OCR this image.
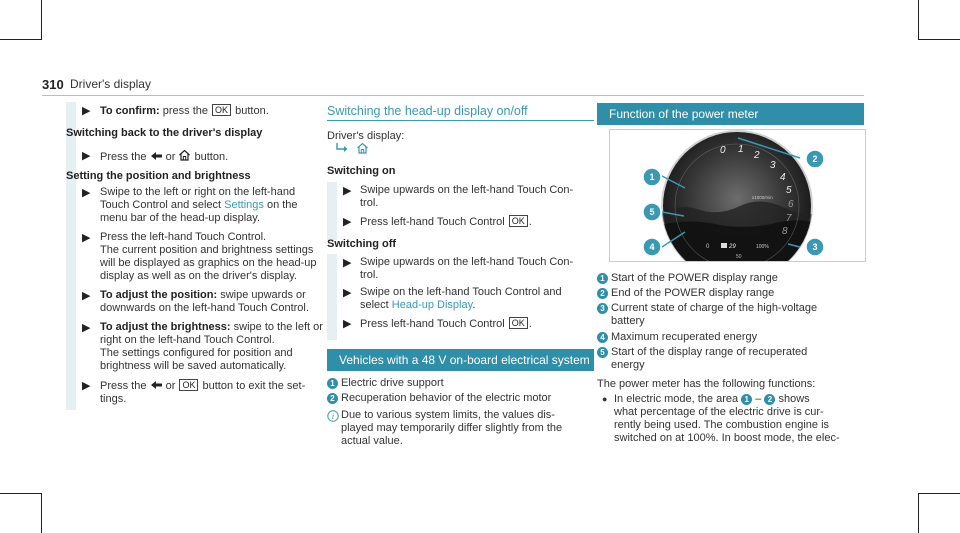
310 Driver's display
▶ To confirm: press the OK button.
Switching back to the driver's display
▶ Press the  or  button.
Setting the position and brightness
▶ Swipe to the left or right on the left-hand
Touch Control and select Settings on the
menu bar of the head-up display.
▶ Press the left-hand Touch Control.
The current position and brightness settings
will be displayed as graphics on the head-up
display as well as on the driver's display.
▶ To adjust the position: swipe upwards or
downwards on the left-hand Touch Control.
▶ To adjust the brightness: swipe to the left or
right on the left-hand Touch Control.
The settings configured for position and
brightness will be saved automatically.
▶ Press the  or OK button to exit the set-
tings.
Switching the head-up display on/off
Driver's display:

Switching on
▶ Swipe upwards on the left-hand Touch Con-
trol.
▶ Press left-hand Touch Control OK .
Switching off
▶ Swipe upwards on the left-hand Touch Con-
trol.
▶ Swipe on the left-hand Touch Control and
select Head-up Display.
▶ Press left-hand Touch Control OK .
Vehicles with a 48 V on-board electrical system
1 Electric drive support
2 Recuperation behavior of the electric motor
i Due to various system limits, the values dis-
played may temporarily differ slightly from the
actual value.
Function of the power meter
0 1
2
3
4
5
6
7
8
x1000/min
0	29	100%
50
1
2
3
4
5
1 Start of the POWER display range
2 End of the POWER display range
3 Current state of charge of the high-voltage
battery
4 Maximum recuperated energy
5 Start of the display range of recuperated
energy
The power meter has the following functions:
● In electric mode, the area 1 – 2 shows
what percentage of the electric drive is cur-
rently being used. The combustion engine is
switched on at 100%. In boost mode, the elec-
